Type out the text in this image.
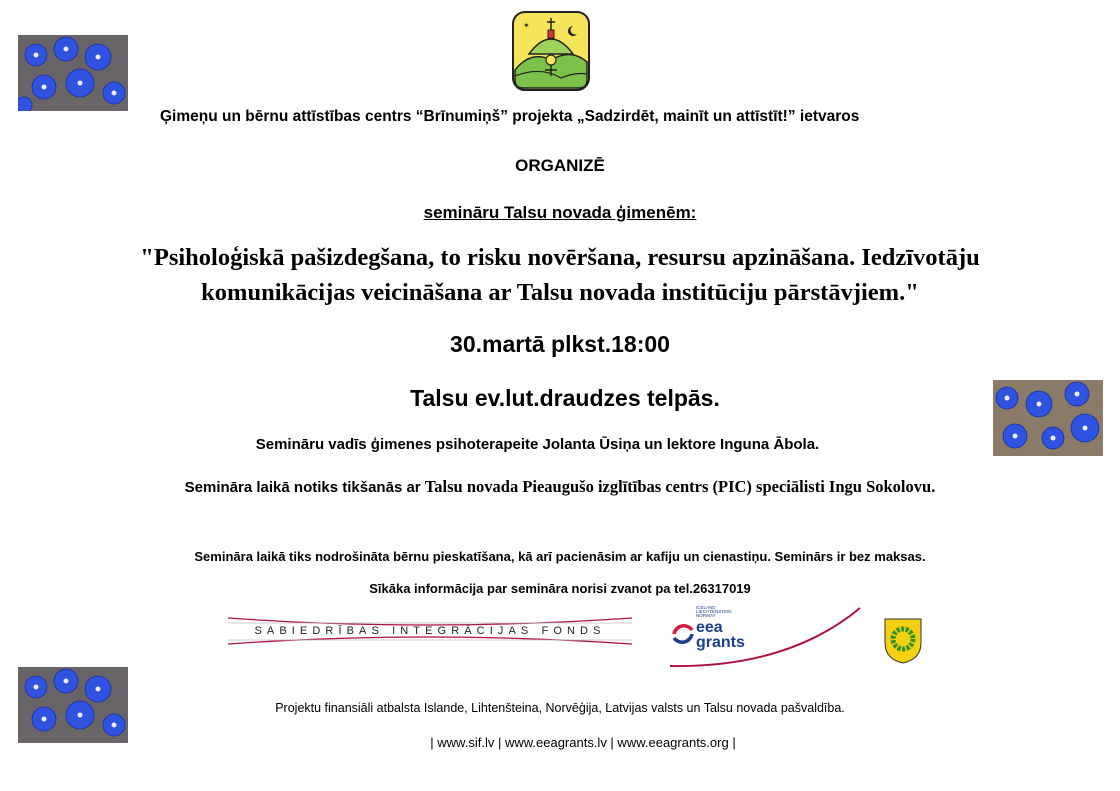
✶
Ģimeņu un bērnu attīstības centrs “Brīnumiņš” projekta „Sadzirdēt, mainīt un attīstīt!” ietvaros
ORGANIZĒ
semināru Talsu novada ģimenēm:
"Psiholoģiskā pašizdegšana, to risku novēršana, resursu apzināšana. Iedzīvotāju
komunikācijas veicināšana ar Talsu novada institūciju pārstāvjiem."
30.martā plkst.18:00
Talsu ev.lut.draudzes telpās.
Semināru vadīs ģimenes psihoterapeite Jolanta Ūsiņa un lektore Inguna Ābola.
Semināra laikā notiks tikšanās ar Talsu novada Pieaugušo izglītības centrs (PIC) speciālisti Ingu Sokolovu.
Semināra laikā tiks nodrošināta bērnu pieskatīšana, kā arī pacienāsim ar kafiju un cienastiņu. Seminārs ir bez maksas.
Sīkāka informācija par semināra norisi zvanot pa tel.26317019
SABIEDRĪBAS INTEGRĀCIJAS FONDS
ICELAND
LIECHTENSTEIN
NORWAY
eea
grants
Projektu finansiāli atbalsta Islande, Lihtenšteina, Norvēģija, Latvijas valsts un Talsu novada pašvaldība.
| www.sif.lv | www.eeagrants.lv | www.eeagrants.org |
